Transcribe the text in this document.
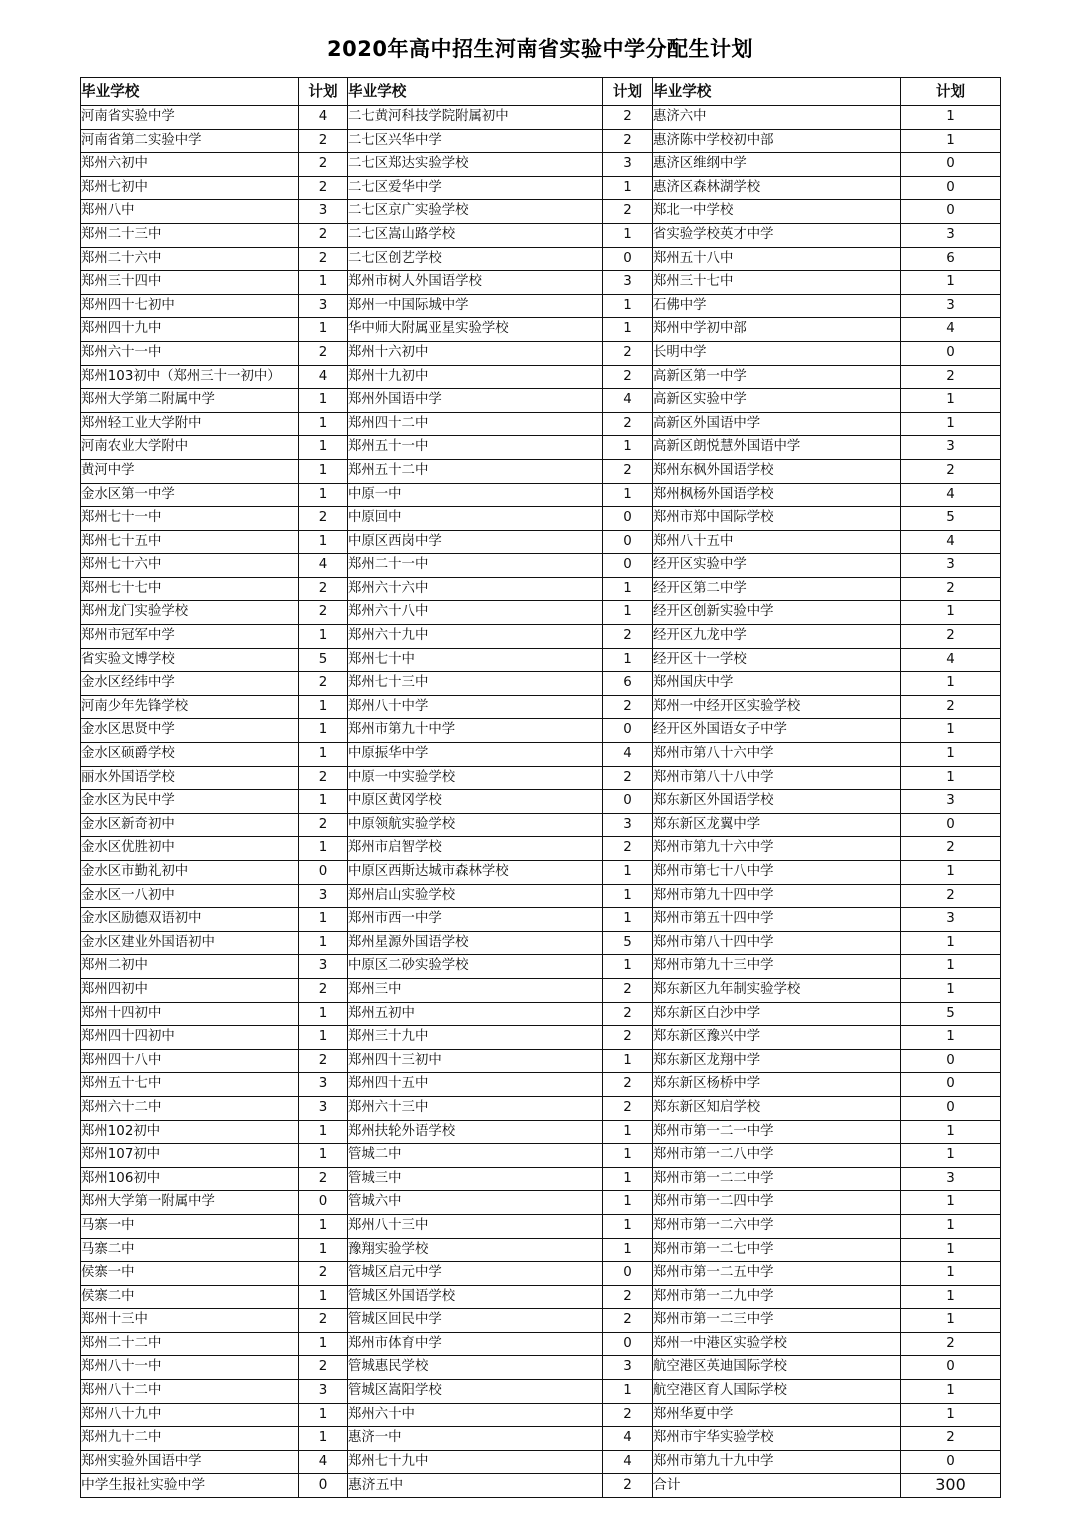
2020年高中招生河南省实验中学分配生计划
毕业学校	计划	毕业学校	计划	毕业学校	计划
河南省实验中学	4	二七黄河科技学院附属初中	2	惠济六中	1
河南省第二实验中学	2	二七区兴华中学	2	惠济陈中学校初中部	1
郑州六初中	2	二七区郑达实验学校	3	惠济区维纲中学	0
郑州七初中	2	二七区爱华中学	1	惠济区森林湖学校	0
郑州八中	3	二七区京广实验学校	2	郑北一中学校	0
郑州二十三中	2	二七区嵩山路学校	1	省实验学校英才中学	3
郑州二十六中	2	二七区创艺学校	0	郑州五十八中	6
郑州三十四中	1	郑州市树人外国语学校	3	郑州三十七中	1
郑州四十七初中	3	郑州一中国际城中学	1	石佛中学	3
郑州四十九中	1	华中师大附属亚星实验学校	1	郑州中学初中部	4
郑州六十一中	2	郑州十六初中	2	长明中学	0
郑州103初中（郑州三十一初中）	4	郑州十九初中	2	高新区第一中学	2
郑州大学第二附属中学	1	郑州外国语中学	4	高新区实验中学	1
郑州轻工业大学附中	1	郑州四十二中	2	高新区外国语中学	1
河南农业大学附中	1	郑州五十一中	1	高新区朗悦慧外国语中学	3
黄河中学	1	郑州五十二中	2	郑州东枫外国语学校	2
金水区第一中学	1	中原一中	1	郑州枫杨外国语学校	4
郑州七十一中	2	中原回中	0	郑州市郑中国际学校	5
郑州七十五中	1	中原区西岗中学	0	郑州八十五中	4
郑州七十六中	4	郑州二十一中	0	经开区实验中学	3
郑州七十七中	2	郑州六十六中	1	经开区第二中学	2
郑州龙门实验学校	2	郑州六十八中	1	经开区创新实验中学	1
郑州市冠军中学	1	郑州六十九中	2	经开区九龙中学	2
省实验文博学校	5	郑州七十中	1	经开区十一学校	4
金水区经纬中学	2	郑州七十三中	6	郑州国庆中学	1
河南少年先锋学校	1	郑州八十中学	2	郑州一中经开区实验学校	2
金水区思贤中学	1	郑州市第九十中学	0	经开区外国语女子中学	1
金水区硕爵学校	1	中原振华中学	4	郑州市第八十六中学	1
丽水外国语学校	2	中原一中实验学校	2	郑州市第八十八中学	1
金水区为民中学	1	中原区黄冈学校	0	郑东新区外国语学校	3
金水区新奇初中	2	中原领航实验学校	3	郑东新区龙翼中学	0
金水区优胜初中	1	郑州市启智学校	2	郑州市第九十六中学	2
金水区市勤礼初中	0	中原区西斯达城市森林学校	1	郑州市第七十八中学	1
金水区一八初中	3	郑州启山实验学校	1	郑州市第九十四中学	2
金水区励德双语初中	1	郑州市西一中学	1	郑州市第五十四中学	3
金水区建业外国语初中	1	郑州星源外国语学校	5	郑州市第八十四中学	1
郑州二初中	3	中原区二砂实验学校	1	郑州市第九十三中学	1
郑州四初中	2	郑州三中	2	郑东新区九年制实验学校	1
郑州十四初中	1	郑州五初中	2	郑东新区白沙中学	5
郑州四十四初中	1	郑州三十九中	2	郑东新区豫兴中学	1
郑州四十八中	2	郑州四十三初中	1	郑东新区龙翔中学	0
郑州五十七中	3	郑州四十五中	2	郑东新区杨桥中学	0
郑州六十二中	3	郑州六十三中	2	郑东新区知启学校	0
郑州102初中	1	郑州扶轮外语学校	1	郑州市第一二一中学	1
郑州107初中	1	管城二中	1	郑州市第一二八中学	1
郑州106初中	2	管城三中	1	郑州市第一二二中学	3
郑州大学第一附属中学	0	管城六中	1	郑州市第一二四中学	1
马寨一中	1	郑州八十三中	1	郑州市第一二六中学	1
马寨二中	1	豫翔实验学校	1	郑州市第一二七中学	1
侯寨一中	2	管城区启元中学	0	郑州市第一二五中学	1
侯寨二中	1	管城区外国语学校	2	郑州市第一二九中学	1
郑州十三中	2	管城区回民中学	2	郑州市第一二三中学	1
郑州二十二中	1	郑州市体育中学	0	郑州一中港区实验学校	2
郑州八十一中	2	管城惠民学校	3	航空港区英迪国际学校	0
郑州八十二中	3	管城区嵩阳学校	1	航空港区育人国际学校	1
郑州八十九中	1	郑州六十中	2	郑州华夏中学	1
郑州九十二中	1	惠济一中	4	郑州市宇华实验学校	2
郑州实验外国语中学	4	郑州七十九中	4	郑州市第九十九中学	0
中学生报社实验中学	0	惠济五中	2	合计	300
